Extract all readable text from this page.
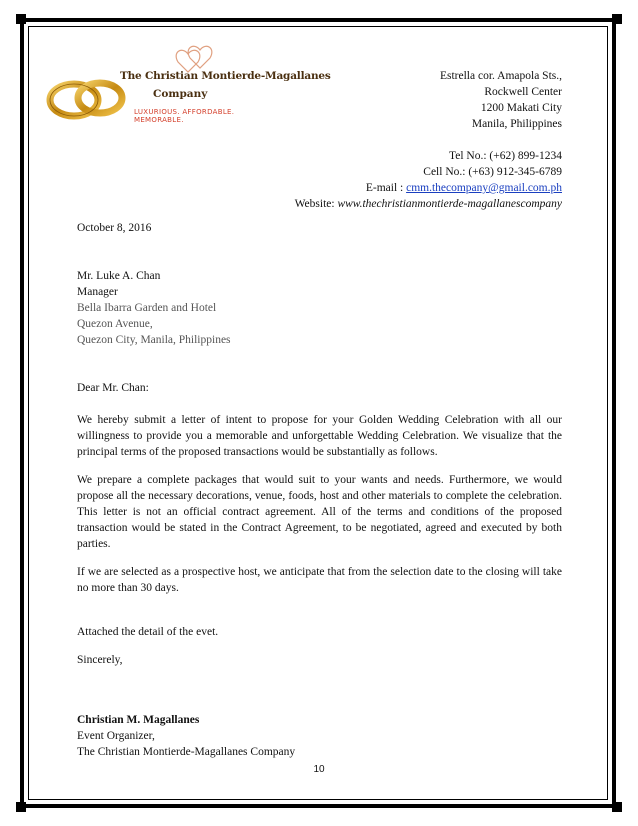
The Christian Montierde-Magallanes
Company
LUXURIOUS. AFFORDABLE. MEMORABLE.
Estrella cor. Amapola Sts.,
Rockwell Center
1200 Makati City
Manila, Philippines
Tel No.: (+62) 899-1234
Cell No.: (+63) 912-345-6789
E-mail : cmm.thecompany@gmail.com.ph
Website: www.thechristianmontierde-magallanescompany
October 8, 2016
Mr. Luke A. Chan
Manager
Bella Ibarra Garden and Hotel
Quezon Avenue,
Quezon City, Manila, Philippines
Dear Mr. Chan:

We hereby submit a letter of intent to propose for your Golden Wedding Celebration with all our willingness to provide you a memorable and unforgettable Wedding Celebration. We visualize that the principal terms of the proposed transactions would be substantially as follows.

We prepare a complete packages that would suit to your wants and needs. Furthermore, we would propose all the necessary decorations, venue, foods, host and other materials to complete the celebration. This letter is not an official contract agreement. All of the terms and conditions of the proposed transaction would be stated in the Contract Agreement, to be negotiated, agreed and executed by both parties.

If we are selected as a prospective host, we anticipate that from the selection date to the closing will take no more than 30 days.

Attached the detail of the evet.
Sincerely,
Christian M. Magallanes
Event Organizer,
The Christian Montierde-Magallanes Company
10
